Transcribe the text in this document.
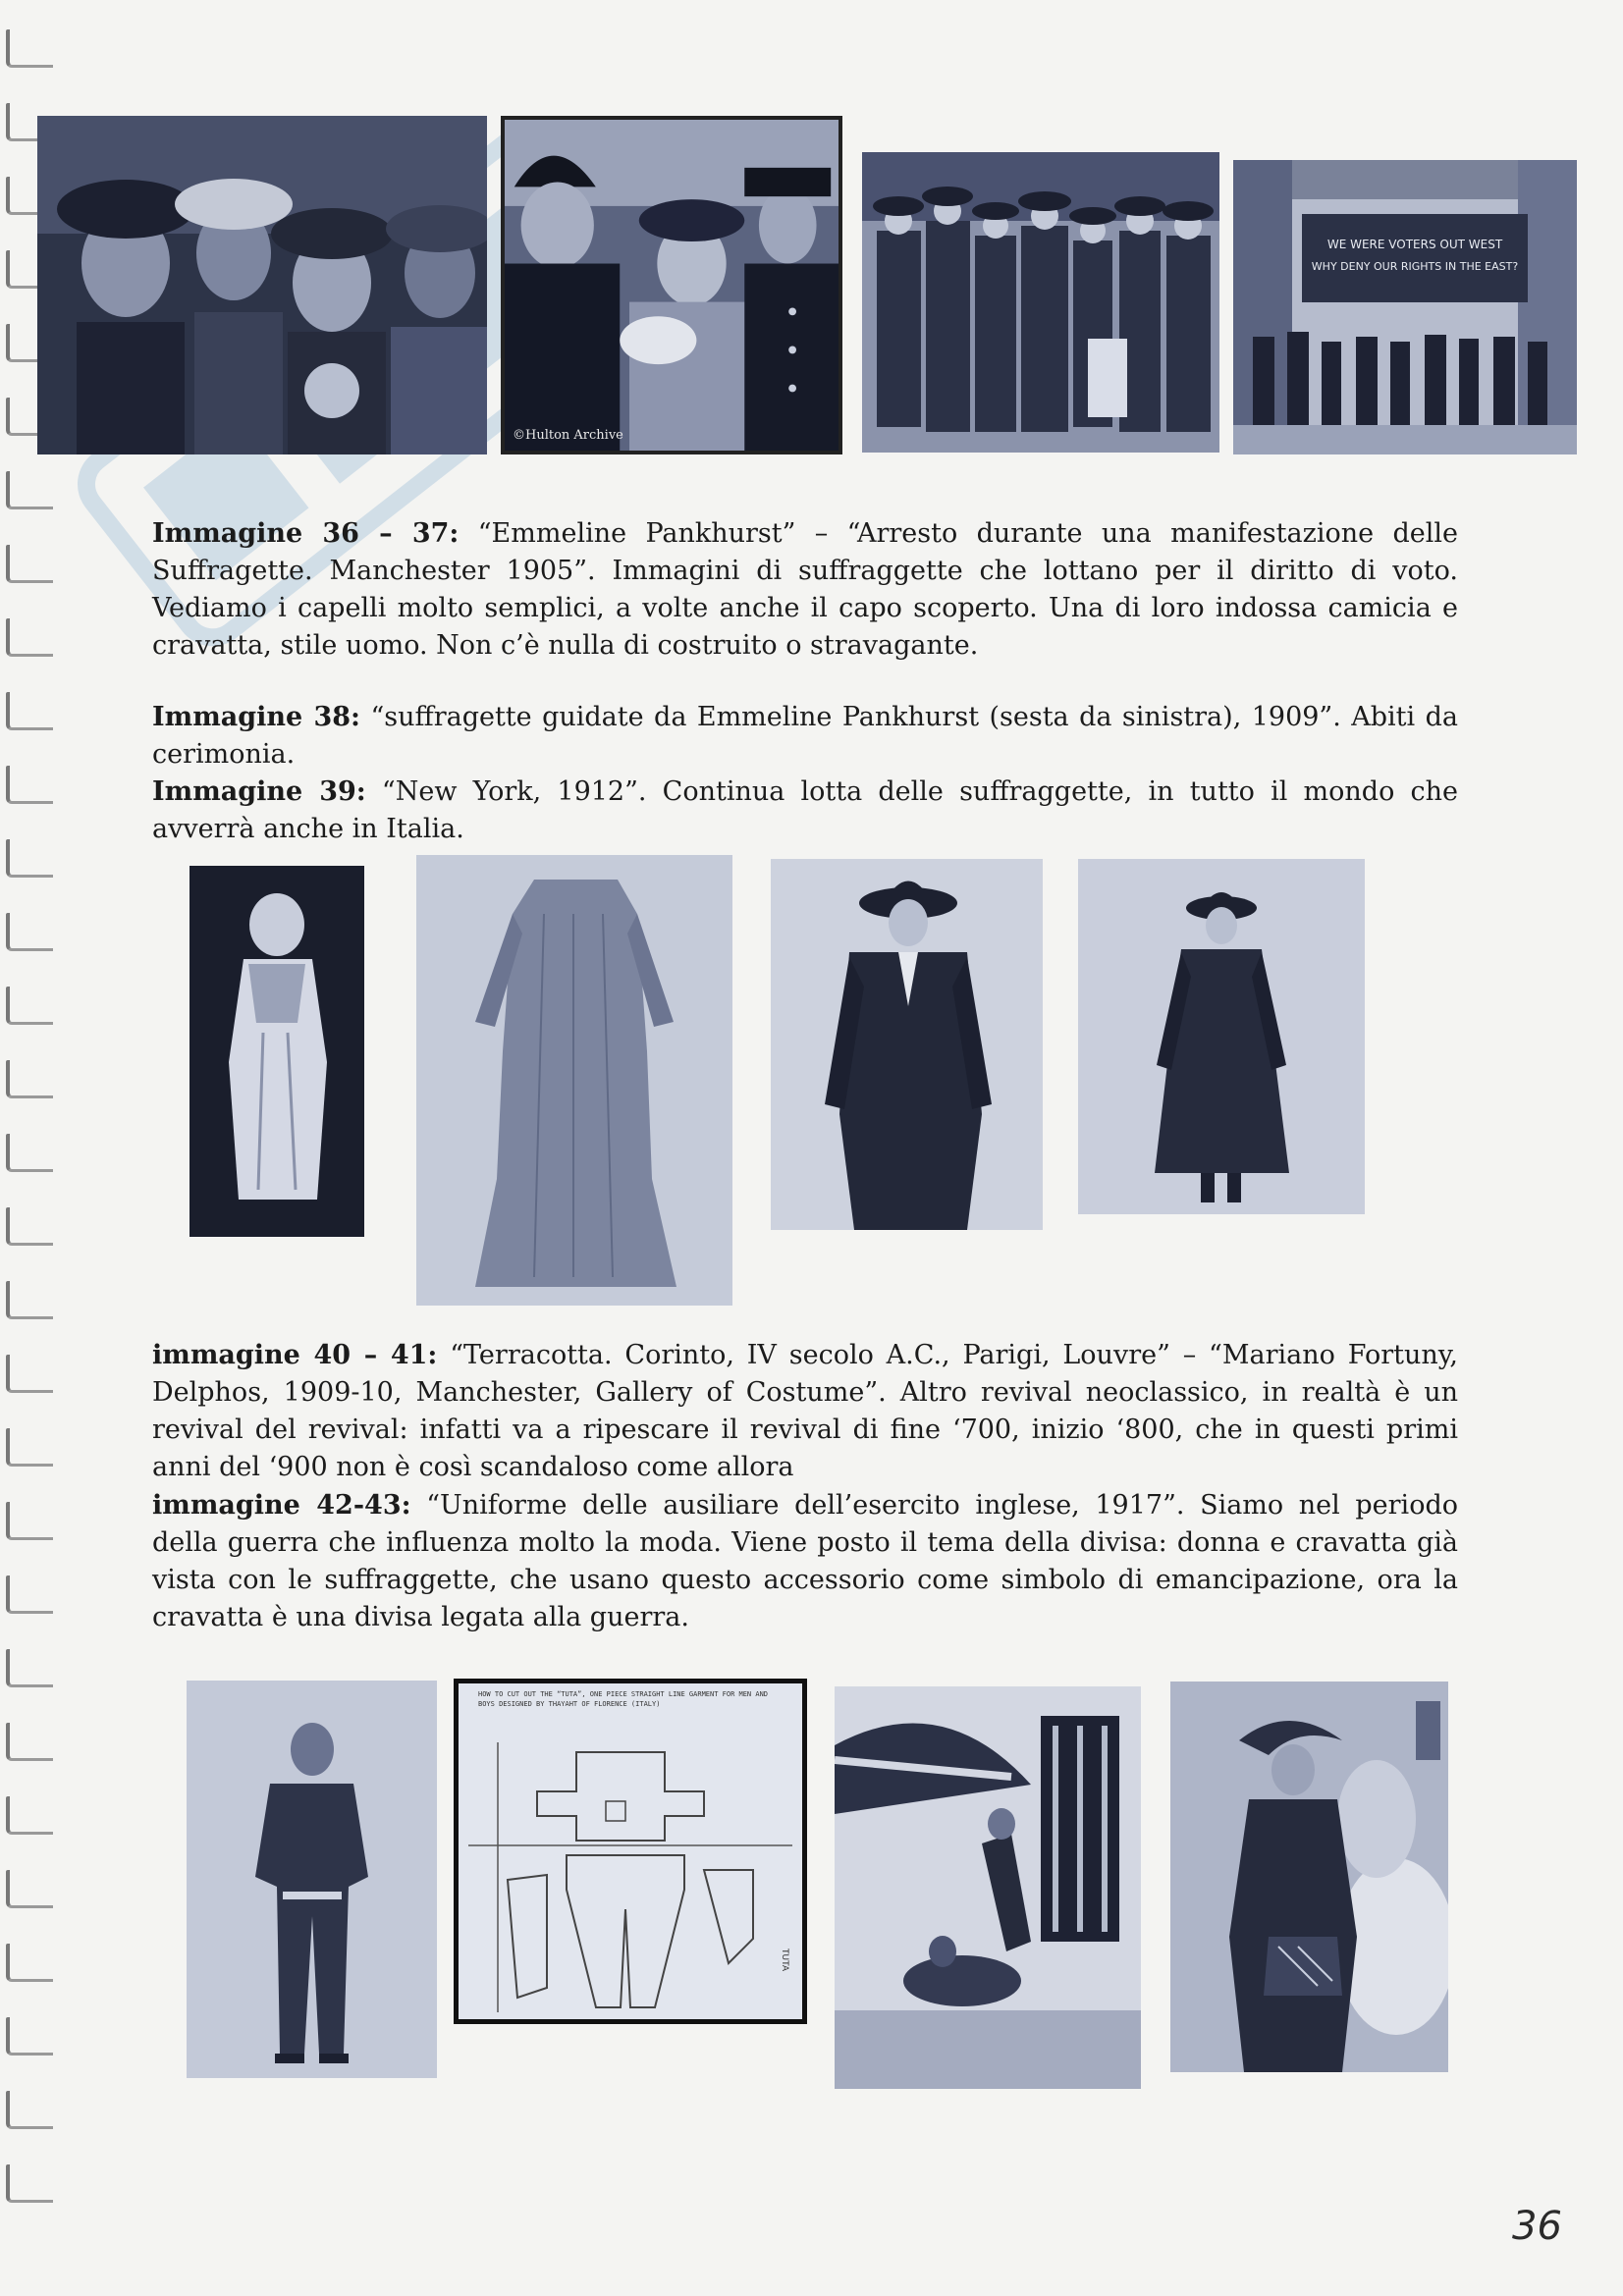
©Hulton Archive
WE WERE VOTERS OUT WEST
WHY DENY OUR RIGHTS IN THE EAST?

Immagine 36 – 37: “Emmeline Pankhurst” – “Arresto durante una manifestazione delle Suffragette. Manchester 1905”. Immagini di suffraggette che lottano per il diritto di voto. Vediamo i capelli molto semplici, a volte anche il capo scoperto. Una di loro indossa camicia e cravatta, stile uomo. Non c’è nulla di costruito o stravagante.

Immagine 38: “suffragette guidate da Emmeline Pankhurst (sesta da sinistra), 1909”. Abiti da cerimonia.

Immagine 39: “New York, 1912”. Continua lotta delle suffraggette, in tutto il mondo che avverrà anche in Italia.

immagine 40 – 41: “Terracotta. Corinto, IV secolo A.C., Parigi, Louvre” – “Mariano Fortuny, Delphos, 1909-10, Manchester, Gallery of Costume”. Altro revival neoclassico, in realtà è un revival del revival: infatti va a ripescare il revival di fine ‘700, inizio ‘800, che in questi primi anni del ‘900 non è così scandaloso come allora

immagine 42-43: “Uniforme delle ausiliare dell’esercito inglese, 1917”. Siamo nel periodo della guerra che influenza molto la moda. Viene posto il tema della divisa: donna e cravatta già vista con le suffraggette, che usano questo accessorio come simbolo di emancipazione, ora la cravatta è una divisa legata alla guerra.

HOW TO CUT OUT THE “TUTA”, ONE PIECE STRAIGHT LINE GARMENT FOR MEN AND BOYS DESIGNED BY THAYAHT OF FLORENCE (ITALY)
TUTA
36
